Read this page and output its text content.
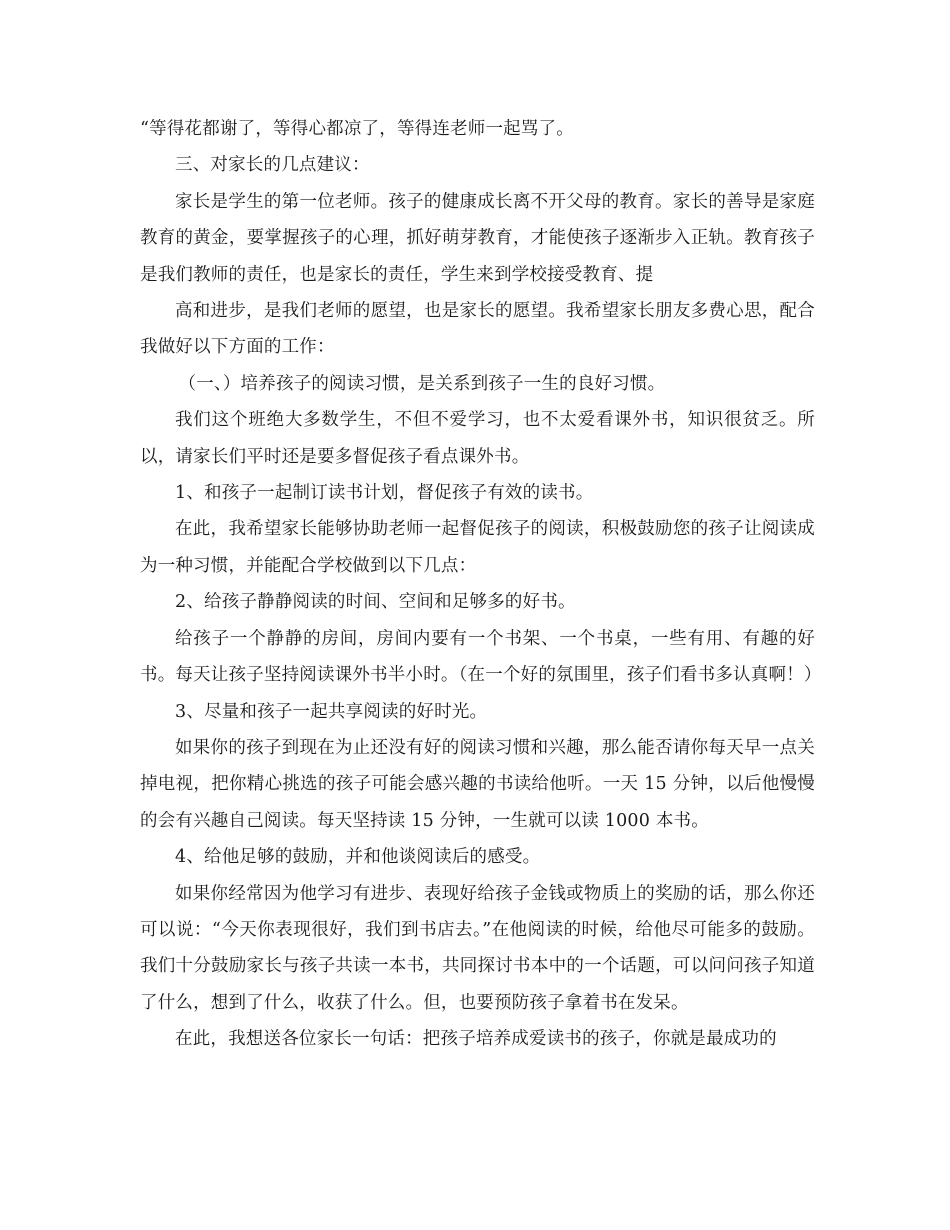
“等得花都谢了，等得心都凉了，等得连老师一起骂了。

三、对家长的几点建议：

家长是学生的第一位老师。孩子的健康成长离不开父母的教育。家长的善导是家庭教育的黄金，要掌握孩子的心理，抓好萌芽教育，才能使孩子逐渐步入正轨。教育孩子是我们教师的责任，也是家长的责任，学生来到学校接受教育、提

高和进步，是我们老师的愿望，也是家长的愿望。我希望家长朋友多费心思，配合我做好以下方面的工作：

（一、）培养孩子的阅读习惯，是关系到孩子一生的良好习惯。

我们这个班绝大多数学生，不但不爱学习，也不太爱看课外书，知识很贫乏。所以，请家长们平时还是要多督促孩子看点课外书。

1、和孩子一起制订读书计划，督促孩子有效的读书。

在此，我希望家长能够协助老师一起督促孩子的阅读，积极鼓励您的孩子让阅读成为一种习惯，并能配合学校做到以下几点：

2、给孩子静静阅读的时间、空间和足够多的好书。

给孩子一个静静的房间，房间内要有一个书架、一个书桌，一些有用、有趣的好书。每天让孩子坚持阅读课外书半小时。（在一个好的氛围里，孩子们看书多认真啊！）

3、尽量和孩子一起共享阅读的好时光。

如果你的孩子到现在为止还没有好的阅读习惯和兴趣，那么能否请你每天早一点关掉电视，把你精心挑选的孩子可能会感兴趣的书读给他听。一天 15 分钟，以后他慢慢的会有兴趣自己阅读。每天坚持读 15 分钟，一生就可以读 1000 本书。

4、给他足够的鼓励，并和他谈阅读后的感受。

如果你经常因为他学习有进步、表现好给孩子金钱或物质上的奖励的话，那么你还可以说：“今天你表现很好，我们到书店去。”在他阅读的时候，给他尽可能多的鼓励。我们十分鼓励家长与孩子共读一本书，共同探讨书本中的一个话题，可以问问孩子知道了什么，想到了什么，收获了什么。但，也要预防孩子拿着书在发呆。

在此，我想送各位家长一句话：把孩子培养成爱读书的孩子，你就是最成功的
